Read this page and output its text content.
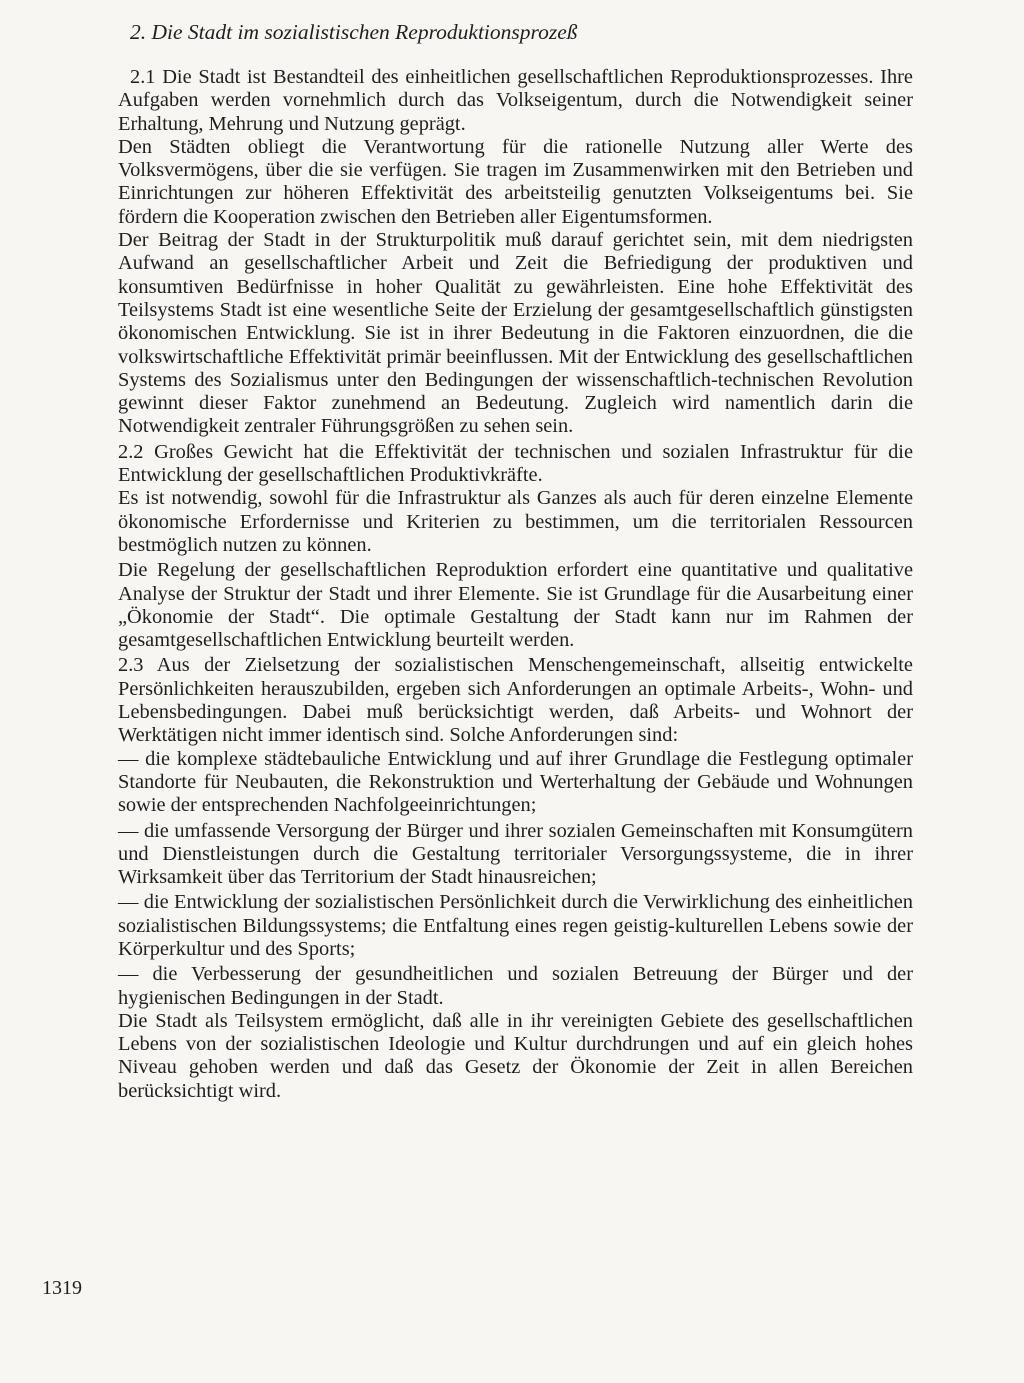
2. Die Stadt im sozialistischen Reproduktionsprozeß

2.1 Die Stadt ist Bestandteil des einheitlichen gesellschaftlichen Reproduktionsprozesses. Ihre Aufgaben werden vornehmlich durch das Volkseigentum, durch die Notwendigkeit seiner Erhaltung, Mehrung und Nutzung geprägt.

Den Städten obliegt die Verantwortung für die rationelle Nutzung aller Werte des Volksvermögens, über die sie verfügen. Sie tragen im Zusammenwirken mit den Betrieben und Einrichtungen zur höheren Effektivität des arbeitsteilig genutzten Volkseigentums bei. Sie fördern die Kooperation zwischen den Betrieben aller Eigentumsformen.

Der Beitrag der Stadt in der Strukturpolitik muß darauf gerichtet sein, mit dem niedrigsten Aufwand an gesellschaftlicher Arbeit und Zeit die Befriedigung der produktiven und konsumtiven Bedürfnisse in hoher Qualität zu gewährleisten. Eine hohe Effektivität des Teilsystems Stadt ist eine wesentliche Seite der Erzielung der gesamtgesellschaftlich günstigsten ökonomischen Entwicklung. Sie ist in ihrer Bedeutung in die Faktoren einzuordnen, die die volkswirtschaftliche Effektivität primär beeinflussen. Mit der Entwicklung des gesellschaftlichen Systems des Sozialismus unter den Bedingungen der wissenschaftlich-technischen Revolution gewinnt dieser Faktor zunehmend an Bedeutung. Zugleich wird namentlich darin die Notwendigkeit zentraler Führungsgrößen zu sehen sein.

2.2 Großes Gewicht hat die Effektivität der technischen und sozialen Infrastruktur für die Entwicklung der gesellschaftlichen Produktivkräfte.

Es ist notwendig, sowohl für die Infrastruktur als Ganzes als auch für deren einzelne Elemente ökonomische Erfordernisse und Kriterien zu bestimmen, um die territorialen Ressourcen bestmöglich nutzen zu können.

Die Regelung der gesellschaftlichen Reproduktion erfordert eine quantitative und qualitative Analyse der Struktur der Stadt und ihrer Elemente. Sie ist Grundlage für die Ausarbeitung einer „Ökonomie der Stadt“. Die optimale Gestaltung der Stadt kann nur im Rahmen der gesamtgesellschaftlichen Entwicklung beurteilt werden.

2.3 Aus der Zielsetzung der sozialistischen Menschengemeinschaft, allseitig entwickelte Persönlichkeiten herauszubilden, ergeben sich Anforderungen an optimale Arbeits-, Wohn- und Lebensbedingungen. Dabei muß berücksichtigt werden, daß Arbeits- und Wohnort der Werktätigen nicht immer identisch sind. Solche Anforderungen sind:

— die komplexe städtebauliche Entwicklung und auf ihrer Grundlage die Festlegung optimaler Standorte für Neubauten, die Rekonstruktion und Werterhaltung der Gebäude und Wohnungen sowie der entsprechenden Nachfolgeeinrichtungen;

— die umfassende Versorgung der Bürger und ihrer sozialen Gemeinschaften mit Konsumgütern und Dienstleistungen durch die Gestaltung territorialer Versorgungssysteme, die in ihrer Wirksamkeit über das Territorium der Stadt hinausreichen;

— die Entwicklung der sozialistischen Persönlichkeit durch die Verwirklichung des einheitlichen sozialistischen Bildungssystems; die Entfaltung eines regen geistig-kulturellen Lebens sowie der Körperkultur und des Sports;

— die Verbesserung der gesundheitlichen und sozialen Betreuung der Bürger und der hygienischen Bedingungen in der Stadt.

Die Stadt als Teilsystem ermöglicht, daß alle in ihr vereinigten Gebiete des gesellschaftlichen Lebens von der sozialistischen Ideologie und Kultur durchdrungen und auf ein gleich hohes Niveau gehoben werden und daß das Gesetz der Ökonomie der Zeit in allen Bereichen berücksichtigt wird.

1319
